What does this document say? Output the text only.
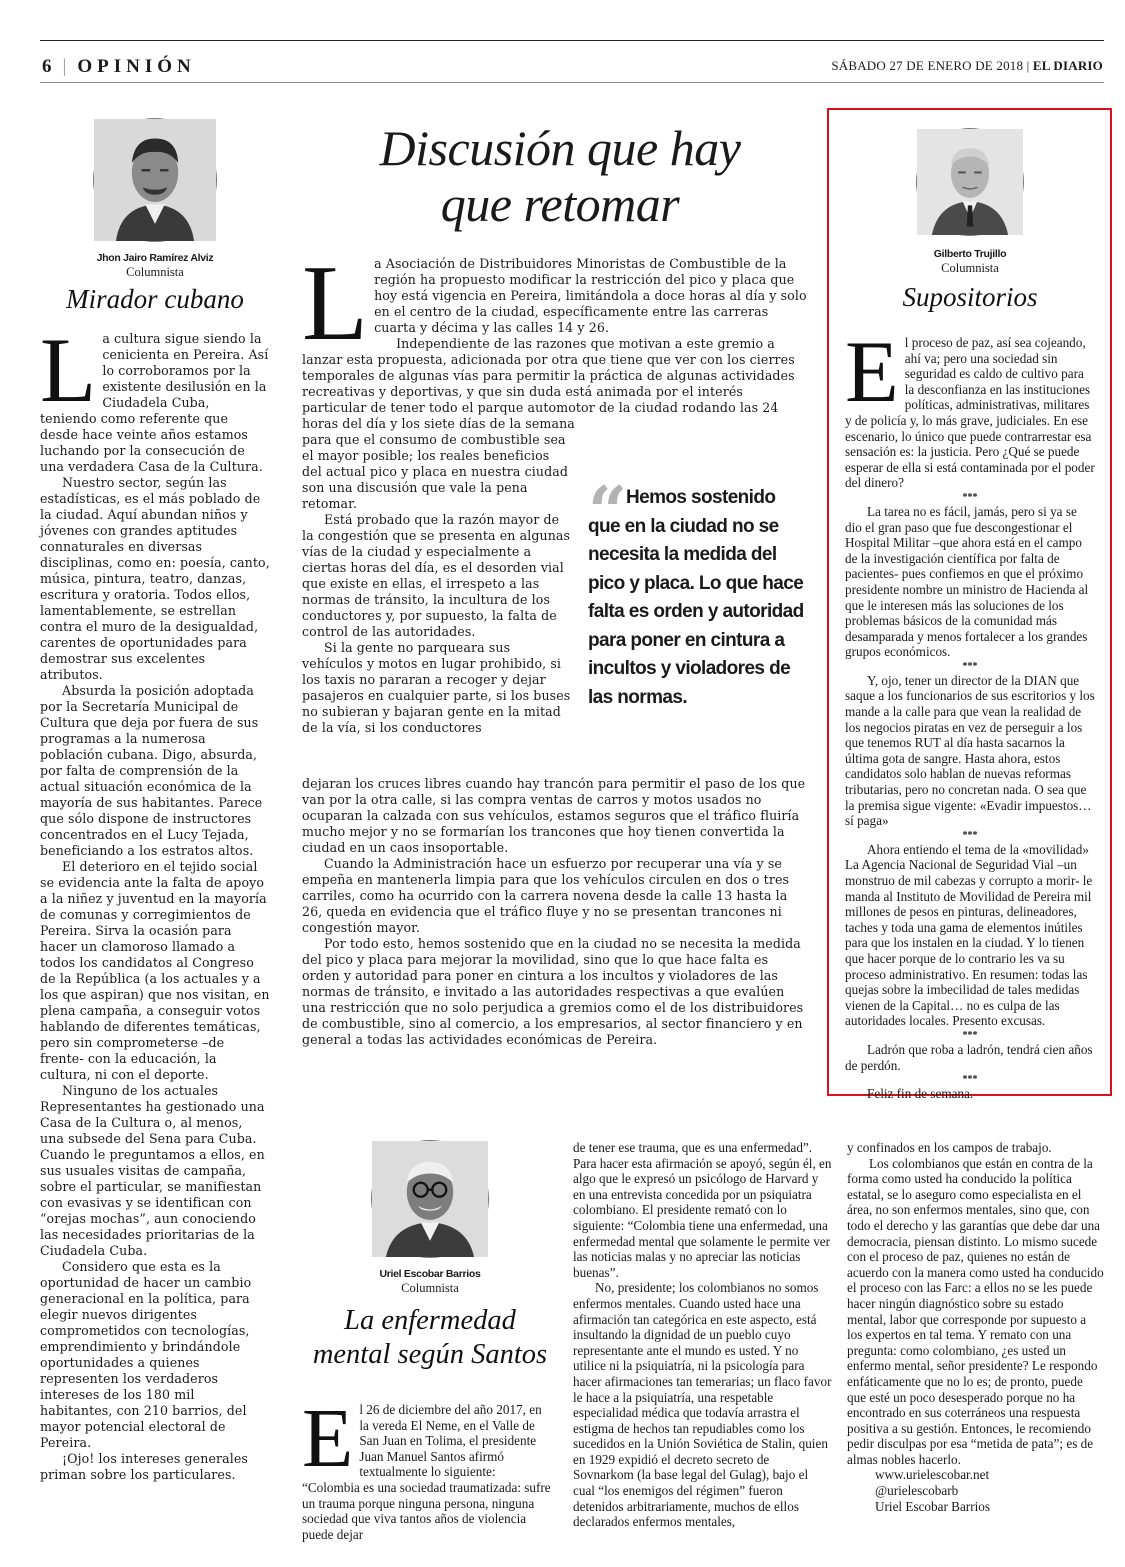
6 | OPINIÓN	SÁBADO 27 DE ENERO DE 2018 | EL DIARIO
Jhon Jairo Ramírez Alviz
Columnista
Mirador cubano

La cultura sigue siendo la cenicienta en Pereira. Así lo corroboramos por la existente desilusión en la Ciudadela Cuba, teniendo como referente que desde hace veinte años estamos luchando por la consecución de una verdadera Casa de la Cultura.

Nuestro sector, según las estadísticas, es el más poblado de la ciudad. Aquí abundan niños y jóvenes con grandes aptitudes connaturales en diversas disciplinas, como en: poesía, canto, música, pintura, teatro, danzas, escritura y oratoria. Todos ellos, lamentablemente, se estrellan contra el muro de la desigualdad, carentes de oportunidades para demostrar sus excelentes atributos.

Absurda la posición adoptada por la Secretaría Municipal de Cultura que deja por fuera de sus programas a la numerosa población cubana. Digo, absurda, por falta de comprensión de la actual situación económica de la mayoría de sus habitantes. Parece que sólo dispone de instructores concentrados en el Lucy Tejada, beneficiando a los estratos altos.

El deterioro en el tejido social se evidencia ante la falta de apoyo a la niñez y juventud en la mayoría de comunas y corregimientos de Pereira. Sirva la ocasión para hacer un clamoroso llamado a todos los candidatos al Congreso de la República (a los actuales y a los que aspiran) que nos visitan, en plena campaña, a conseguir votos hablando de diferentes temáticas, pero sin comprometerse –de frente- con la educación, la cultura, ni con el deporte.

Ninguno de los actuales Representantes ha gestionado una Casa de la Cultura o, al menos, una subsede del Sena para Cuba. Cuando le preguntamos a ellos, en sus usuales visitas de campaña, sobre el particular, se manifiestan con evasivas y se identifican con “orejas mochas”, aun conociendo las necesidades prioritarias de la Ciudadela Cuba.

Considero que esta es la oportunidad de hacer un cambio generacional en la política, para elegir nuevos dirigentes comprometidos con tecnologías, emprendimiento y brindándole oportunidades a quienes representen los verdaderos intereses de los 180 mil habitantes, con 210 barrios, del mayor potencial electoral de Pereira.

¡Ojo! los intereses generales priman sobre los particulares.

Discusión que hay
que retomar

La Asociación de Distribuidores Minoristas de Combustible de la región ha propuesto modificar la restricción del pico y placa que hoy está vigencia en Pereira, limitándola a doce horas al día y solo en el centro de la ciudad, específicamente entre las carreras cuarta y décima y las calles 14 y 26.

Independiente de las razones que motivan a este gremio a lanzar esta propuesta, adicionada por otra que tiene que ver con los cierres temporales de algunas vías para permitir la práctica de algunas actividades recreativas y deportivas, y que sin duda está animada por el interés particular de tener todo el parque automotor de la ciudad rodando las 24 horas del día y los siete días de la semana

para que el consumo de combustible sea el mayor posible; los reales beneficios del actual pico y placa en nuestra ciudad son una discusión que vale la pena retomar.

Está probado que la razón mayor de la congestión que se presenta en algunas vías de la ciudad y especialmente a ciertas horas del día, es el desorden vial que existe en ellas, el irrespeto a las normas de tránsito, la incultura de los conductores y, por supuesto, la falta de control de las autoridades.

Si la gente no parqueara sus vehículos y motos en lugar prohibido, si los taxis no pararan a recoger y dejar pasajeros en cualquier parte, si los buses no subieran y bajaran gente en la mitad de la vía, si los conductores

“
Hemos sostenido que en la ciudad no se necesita la medida del pico y placa. Lo que hace falta es orden y autoridad para poner en cintura a incultos y violadores de las normas.

dejaran los cruces libres cuando hay trancón para permitir el paso de los que van por la otra calle, si las compra ventas de carros y motos usados no ocuparan la calzada con sus vehículos, estamos seguros que el tráfico fluiría mucho mejor y no se formarían los trancones que hoy tienen convertida la ciudad en un caos insoportable.

Cuando la Administración hace un esfuerzo por recuperar una vía y se empeña en mantenerla limpia para que los vehículos circulen en dos o tres carriles, como ha ocurrido con la carrera novena desde la calle 13 hasta la 26, queda en evidencia que el tráfico fluye y no se presentan trancones ni congestión mayor.

Por todo esto, hemos sostenido que en la ciudad no se necesita la medida del pico y placa para mejorar la movilidad, sino que lo que hace falta es orden y autoridad para poner en cintura a los incultos y violadores de las normas de tránsito, e invitado a las autoridades respectivas a que evalúen una restricción que no solo perjudica a gremios como el de los distribuidores de combustible, sino al comercio, a los empresarios, al sector financiero y en general a todas las actividades económicas de Pereira.

Gilberto Trujillo
Columnista
Supositorios

El proceso de paz, así sea cojeando, ahí va; pero una sociedad sin seguridad es caldo de cultivo para la desconfianza en las instituciones políticas, administrativas, militares y de policía y, lo más grave, judiciales. En ese escenario, lo único que puede contrarrestar esa sensación es: la justicia. Pero ¿Qué se puede esperar de ella si está contaminada por el poder del dinero?

***

La tarea no es fácil, jamás, pero si ya se dio el gran paso que fue descongestionar el Hospital Militar –que ahora está en el campo de la investigación científica por falta de pacientes- pues confiemos en que el próximo presidente nombre un ministro de Hacienda al que le interesen más las soluciones de los problemas básicos de la comunidad más desamparada y menos fortalecer a los grandes grupos económicos.

***

Y, ojo, tener un director de la DIAN que saque a los funcionarios de sus escritorios y los mande a la calle para que vean la realidad de los negocios piratas en vez de perseguir a los que tenemos RUT al día hasta sacarnos la última gota de sangre. Hasta ahora, estos candidatos solo hablan de nuevas reformas tributarias, pero no concretan nada. O sea que la premisa sigue vigente: «Evadir impuestos… sí paga»

***

Ahora entiendo el tema de la «movilidad» La Agencia Nacional de Seguridad Vial –un monstruo de mil cabezas y corrupto a morir- le manda al Instituto de Movilidad de Pereira mil millones de pesos en pinturas, delineadores, taches y toda una gama de elementos inútiles para que los instalen en la ciudad. Y lo tienen que hacer porque de lo contrario les va su proceso administrativo. En resumen: todas las quejas sobre la imbecilidad de tales medidas vienen de la Capital… no es culpa de las autoridades locales. Presento excusas.

***

Ladrón que roba a ladrón, tendrá cien años de perdón.

***

Feliz fin de semana.

Uriel Escobar Barrios
Columnista
La enfermedad
mental según Santos

El 26 de diciembre del año 2017, en la vereda El Neme, en el Valle de San Juan en Tolima, el presidente Juan Manuel Santos afirmó textualmente lo siguiente: “Colombia es una sociedad traumatizada: sufre un trauma porque ninguna persona, ninguna sociedad que viva tantos años de violencia puede dejar

de tener ese trauma, que es una enfermedad”. Para hacer esta afirmación se apoyó, según él, en algo que le expresó un psicólogo de Harvard y en una entrevista concedida por un psiquiatra colombiano. El presidente remató con lo siguiente: “Colombia tiene una enfermedad, una enfermedad mental que solamente le permite ver las noticias malas y no apreciar las noticias buenas”.

No, presidente; los colombianos no somos enfermos mentales. Cuando usted hace una afirmación tan categórica en este aspecto, está insultando la dignidad de un pueblo cuyo representante ante el mundo es usted. Y no utilice ni la psiquiatría, ni la psicología para hacer afirmaciones tan temerarias; un flaco favor le hace a la psiquiatría, una respetable especialidad médica que todavía arrastra el estigma de hechos tan repudiables como los sucedidos en la Unión Soviética de Stalin, quien en 1929 expidió el decreto secreto de Sovnarkom (la base legal del Gulag), bajo el cual “los enemigos del régimen” fueron detenidos arbitrariamente, muchos de ellos declarados enfermos mentales,

y confinados en los campos de trabajo.

Los colombianos que están en contra de la forma como usted ha conducido la política estatal, se lo aseguro como especialista en el área, no son enfermos mentales, sino que, con todo el derecho y las garantías que debe dar una democracia, piensan distinto. Lo mismo sucede con el proceso de paz, quienes no están de acuerdo con la manera como usted ha conducido el proceso con las Farc: a ellos no se les puede hacer ningún diagnóstico sobre su estado mental, labor que corresponde por supuesto a los expertos en tal tema. Y remato con una pregunta: como colombiano, ¿es usted un enfermo mental, señor presidente? Le respondo enfáticamente que no lo es; de pronto, puede que esté un poco desesperado porque no ha encontrado en sus coterráneos una respuesta positiva a su gestión. Entonces, le recomiendo pedir disculpas por esa “metida de pata”; es de almas nobles hacerlo.

www.urielescobar.net

@urielescobarb

Uriel Escobar Barrios
